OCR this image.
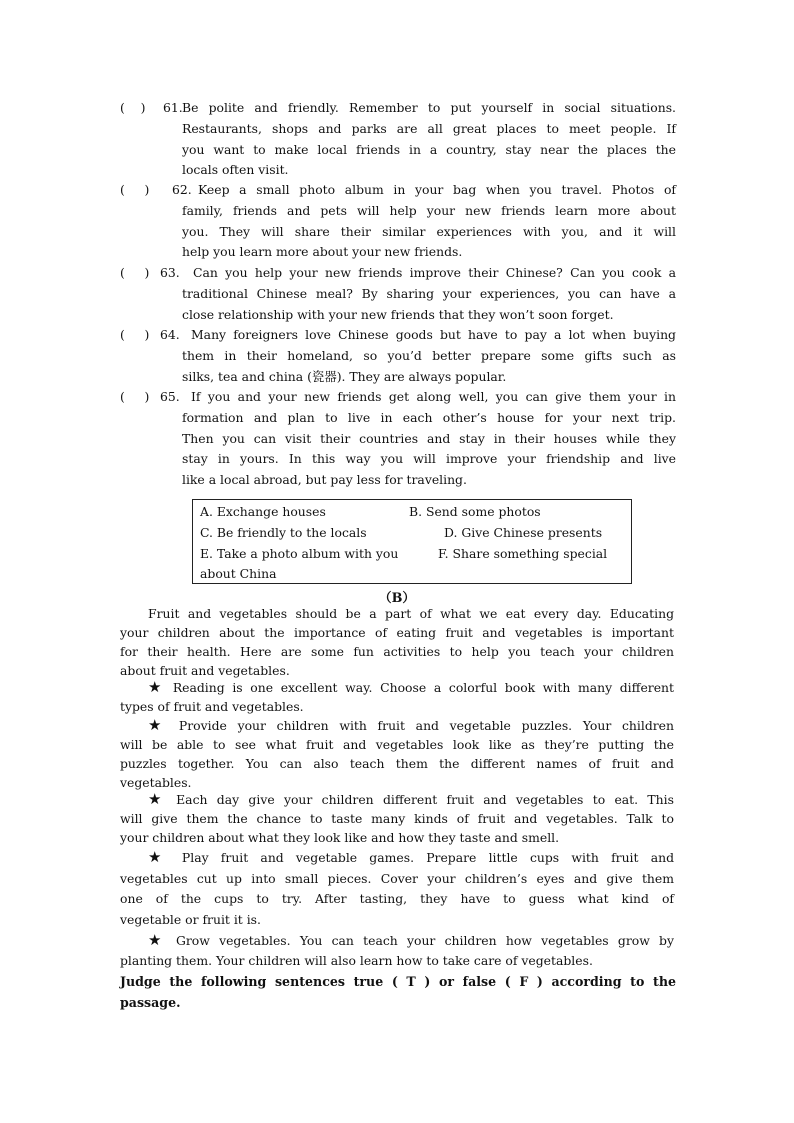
(    ) 61. Be polite and friendly. Remember to put yourself in social situations.
Restaurants, shops and parks are all great places to meet people. If
you want to make local friends in a country, stay near the places the
locals often visit.
(     ) 62. Keep a small photo album in your bag when you travel. Photos of
family, friends and pets will help your new friends learn more about
you. They will share their similar experiences with you, and it will
help you learn more about your new friends.
(     ) 63. Can you help your new friends improve their Chinese? Can you cook a
traditional Chinese meal? By sharing your experiences, you can have a
close relationship with your new friends that they won’t soon forget.
(     ) 64. Many foreigners love Chinese goods but have to pay a lot when buying
them in their homeland, so you’d better prepare some gifts such as
silks, tea and china (瓷器). They are always popular.
(     ) 65. If you and your new friends get along well, you can give them your in
formation and plan to live in each other’s house for your next trip.
Then you can visit their countries and stay in their houses while they
stay in yours. In this way you will improve your friendship and live
like a local abroad, but pay less for traveling.
A. Exchange houses	B. Send some photos
C. Be friendly to the locals	D. Give Chinese presents
E. Take a photo album with you	F. Share something special
about China
（B）
Fruit and vegetables should be a part of what we eat every day. Educating
your children about the importance of eating fruit and vegetables is important
for their health. Here are some fun activities to help you teach your children
about fruit and vegetables.
★ Reading is one excellent way. Choose a colorful book with many different
types of fruit and vegetables.
★ Provide your children with fruit and vegetable puzzles. Your children
will be able to see what fruit and vegetables look like as they’re putting the
puzzles together. You can also teach them the different names of fruit and
vegetables.
★ Each day give your children different fruit and vegetables to eat. This
will give them the chance to taste many kinds of fruit and vegetables. Talk to
your children about what they look like and how they taste and smell.
★ Play fruit and vegetable games. Prepare little cups with fruit and
vegetables cut up into small pieces. Cover your children’s eyes and give them
one of the cups to try. After tasting, they have to guess what kind of
vegetable or fruit it is.
★ Grow vegetables. You can teach your children how vegetables grow by
planting them. Your children will also learn how to take care of vegetables.
Judge the following sentences true ( T ) or false ( F ) according to the
passage.
